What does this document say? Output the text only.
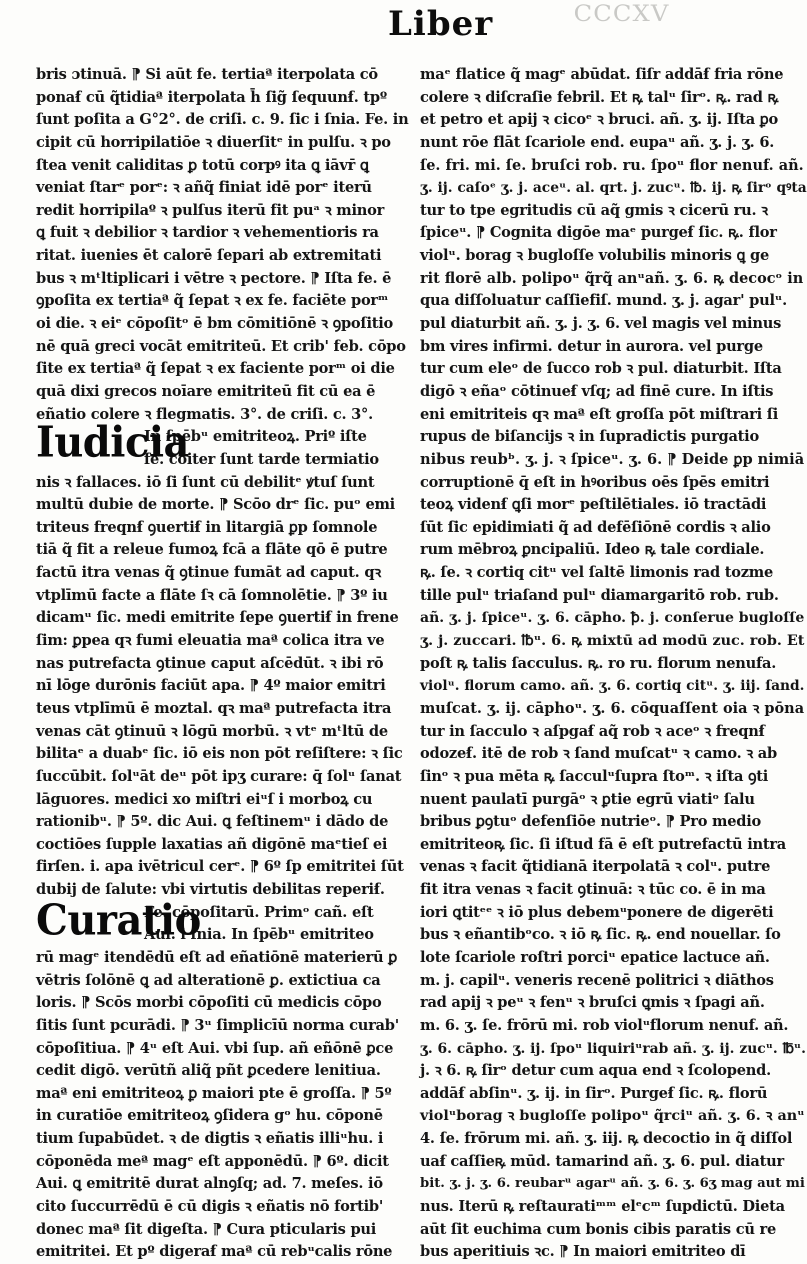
CCCXV
Liber
bris ɔtinuā. ⁋ Si aūt fe. tertiaª iterpolata cō
ponaẜ cū q̃tidiaª iterpolata h̄ ſig̃ ſequunẜ. tpº
ſunt poſita a G°2°. de criſi. c. 9. ſic i ſnia. Fe. in
cipit cū horripilatiōe ꝛ diuerſitᵉ in pulſu. ꝛ po
ſtea venit caliditas ꝑ totū corpꝰ ita ꝗ iāvr̄ ꝗ
veniat ſtarᵉ porᵉ: ꝛ añq̃ finiat idē porᵉ iterū
redit horripilaº ꝛ pulſus iterū fit puᵃ ꝛ minor
ꝗ fuit ꝛ debilior ꝛ tardior ꝛ vehementioris ra
ritat. iuenies ēt calorē ſepari ab extremitati
bus ꝛ mᵗltiplicari i vētre ꝛ pectore. ⁋ Iſta fe. ē
ꝯpoſita ex tertiaª q̃ ſepat ꝛ ex fe. faciēte porᵐ
oi die. ꝛ eiᵉ cōpoſitᵒ ē bm cōmitiōnē ꝛ ꝯpoſitio
nē quā greci vocāt emitriteū. Et crib' feb. cōpo
ſite ex tertiaª q̃ ſepat ꝛ ex faciente porᵐ oi die
quā dixi grecos noīare emitriteū fit cū ea ē
eñatio colere ꝛ flegmatis. 3°. de criſi. c. 3°.
Iudicia
In ſpēbᵘ emitriteoꝝ. Priº iſte
fe. cōiter ſunt tarde termiatio
nis ꝛ fallaces. iō ſi ſunt cū debilitᵉ ꝟtuſ ſunt
multū dubie de morte. ⁋ Scōo drᵉ ſic. puᵒ emi
triteus freqnẜ ꝯuertiẜ in litargiā ꝑp ſomnole
tiā q̃ fit a releue fumoꝝ fcā a flāte qō ē putre
factū itra venas q̃ ꝯtinue fumāt ad caput. qꝛ
vtplīmū facte a flāte ſꝛ cā ſomnolētie. ⁋ 3º iu
dicamᵘ ſic. medi emitrite ſepe ꝯuertiẜ in frene
ſim: ꝑpea qꝛ fumi eleuatia maª colica itra ve
nas putrefacta ꝯtinue caput aſcēdūt. ꝛ ibi rō
nī lōge durōnis faciūt apa. ⁋ 4º maior emitri
teus vtplīmū ē moztal. qꝛ maª putrefacta itra
venas cāt ꝯtinuū ꝛ lōgū morbū. ꝛ vtᵉ mᵗltū de
bilitaᵉ a duabᵉ ſic. iō eis non pōt reſiſtere: ꝛ ſic
ſuccūbit. ſolᵘāt deᵘ pōt ipʒ curare: q̄ ſolᵘ ſanat
lāguores. medici xo miſtri eiᵘſ i morboꝝ cu
rationibᵘ. ⁋ 5º. dic Aui. ꝗ feſtinemᵘ i dādo de
coctiōes ſupple laxatias añ digōnē maᵉtieſ ei
firſen. i. apa ivētricul cerᵉ. ⁋ 6º ſp emitritei ſūt
dubij de ſalute: vbi virtutis debilitas reperiẜ.
Curatio
Fe. cōpoſitarū. Primᵒ cañ. eſt
Aui. i ſnia. In ſpēbᵘ emitriteo
rū magᵉ itendēdū eſt ad eñatiōnē materierū ꝑ
vētris ſolōnē ꝗ ad alterationē ꝑ. extictiua ca
loris. ⁋ Scōs morbi cōpoſiti cū medicis cōpo
ſitis ſunt pcurādi. ⁋ 3ᵘ ſimplicīū norma curab'
cōpoſitiua. ⁋ 4ᵘ eſt Aui. vbi ſup. añ eñōnē ꝑce
cedit digō. verūtñ aliq̃ pñt ꝑcedere lenitiua.
maª eni emitriteoꝝ ꝑ maiori pte ē groſſa. ⁋ 5º
in curatiōe emitriteoꝝ ꝯſidera gᵒ hu. cōponē
tium ſupabūdet. ꝛ de digtis ꝛ eñatis illiᵘhu. i
cōponēda meª magᵉ eſt apponēdū. ⁋ 6º. dicit
Aui. ꝗ emitritē durat alnꝯſq; ad. 7. meſes. iō
cito ſuccurrēdū ē cū digis ꝛ eñatis nō fortib'
donec maª ſit digeſta. ⁋ Cura pticularis pui
emitritei. Et pº digeraẜ maª cū rebᵘcalis rōne
maᵉ flatice q̃ magᵉ abūdat. ſiſr addāẜ fria rōne
colere ꝛ diſcraſie febril. Et ꝶ talᵘ ſirᵒ. ꝶ. rad ꝶ
et petro et apij ꝛ cicoᵉ ꝛ bruci. añ. ʒ. ij. Iſta ꝑo
nunt rōe flāt ſcariole end. eupaᵘ añ. ʒ. j. ʒ. 6.
ſe. fri. mi. ſe. bruſci rob. ru. ſpoᵘ flor nenuf. añ.
ʒ. ij. caſoᵉ ʒ. j. aceᵘ. al. qrt. j. zucᵘ. ℔. ij. ꝶ ſirᵒ qꝰta
tur to tpe egritudis cū aq̃ gmis ꝛ cicerū ru. ꝛ
ſpiceᵘ. ⁋ Cognita digōe maᵉ purgeẜ ſic. ꝶ. flor
violᵘ. borag ꝛ bugloſſe volubilis minoris ꝗ ge
rit florē alb. polipoᵘ q̃rq̃ anᵘañ. ʒ. 6. ꝶ decocᵒ in
qua diſſoluatur caſſiefiſ. mund. ʒ. j. agar' pulᵘ.
pul diaturbit añ. ʒ. j. ʒ. 6. vel magis vel minus
bm vires infirmi. detur in aurora. vel purge
tur cum eleᵒ de ſucco rob ꝛ pul. diaturbit. Iſta
digō ꝛ eñaᵒ cōtinueẜ vſq; ad finē cure. In iſtis
eni emitriteis qꝛ maª eſt groſſa pōt miſtrari ſi
rupus de biſancijs ꝛ in ſupradictis purgatio
nibus reubᵇ. ʒ. j. ꝛ ſpiceᵘ. ʒ. 6. ⁋ Deide ꝑp nimiā
corruptionē q̄ eſt in hꝰoribus oēs ſpēs emitri
teoꝝ videnẜ ꝗſi morᵉ peſtilētiales. iō tractādi
ſūt ſic epidimiati q̃ ad defēſiōnē cordis ꝛ alio
rum mēbroꝝ ꝑncipaliū. Ideo ꝶ tale cordiale.
ꝶ. ſe. ꝛ cortiq citᵘ vel ſaltē limonis rad tozme
tille pulᵘ triaſand pulᵘ diamargaritō rob. rub.
añ. ʒ. j. ſpiceᵘ. ʒ. 6. cāpho. ꝥ. j. conſerue bugloſſe
ʒ. j. zuccari. ℔ᵘ. 6. ꝶ mixtū ad modū zuc. rob. Et
poſt ꝶ talis ſacculus. ꝶ. ro ru. florum nenufa.
violᵘ. florum camo. añ. ʒ. 6. cortiq citᵘ. ʒ. iij. ſand.
muſcat. ʒ. ij. cāphoᵘ. ʒ. 6. cōquaſſent oia ꝛ pōna
tur in ſacculo ꝛ aſpgaẜ aq̃ rob ꝛ aceᵒ ꝛ freqnẜ
odozeẜ. itē de rob ꝛ ſand muſcatᵘ ꝛ camo. ꝛ ab
ſinᵒ ꝛ pua mēta ꝶ ſacculᵘſupra ſtoᵐ. ꝛ iſta ꝯti
nuent paulatī purgāᵒ ꝛ ꝑtie egrū viatiᵒ ſalu
bribus ꝑꝯtuᵒ defenſiōe nutrieᵒ. ⁋ Pro medio
emitriteoꝶ ſic. ſi iſtud fā ē eſt putrefactū intra
venas ꝛ facit q̃tidianā iterpolatā ꝛ colᵘ. putre
fit itra venas ꝛ facit ꝯtinuā: ꝛ tūc co. ē in ma
iori ꝗtitᵉᵉ ꝛ iō plus debemᵘponere de digerēti
bus ꝛ eñantibᵒco. ꝛ iō ꝶ ſic. ꝶ. end nouellar. ſo
lote ſcariole roſtri porciᵘ epatice lactuce añ.
m. j. capilᵘ. veneris recenē politrici ꝛ diāthos
rad apij ꝛ peᵘ ꝛ fenᵘ ꝛ bruſci ꝗmis ꝛ ſpagi añ.
m. 6. ʒ. ſe. frōrū mi. rob violᵘflorum nenuf. añ.
ʒ. 6. cāpho. ʒ. ij. ſpoᵘ liquiriᵘrab añ. ʒ. ij. zucᵘ. ℔ᵘ.
j. ꝛ 6. ꝶ ſirᵒ detur cum aqua end ꝛ ſcolopend.
addāẜ abſinᵘ. ʒ. ij. in ſirᵒ. Purgeẜ ſic. ꝶ. florū
violᵘborag ꝛ bugloſſe polipoᵘ q̃rciᵘ añ. ʒ. 6. ꝛ anᵘ
4. ſe. frōrum mi. añ. ʒ. iij. ꝶ decoctio in q̃ diſſol
uaẜ caſſieꝶ mūd. tamarind añ. ʒ. 6. pul. diatur
bit. ʒ. j. ʒ. 6. reubarᵘ agarᵘ añ. ʒ. 6. ʒ. 6ʒ mag aut mi
nus. Iterū ꝶ reſtauratiᵐᵐ elᵉcᵐ ſupdictū. Dieta
aūt ſit euchima cum bonis cibis paratis cū re
bus aperitiuis ꝛc. ⁋ In maiori emitriteo dī
